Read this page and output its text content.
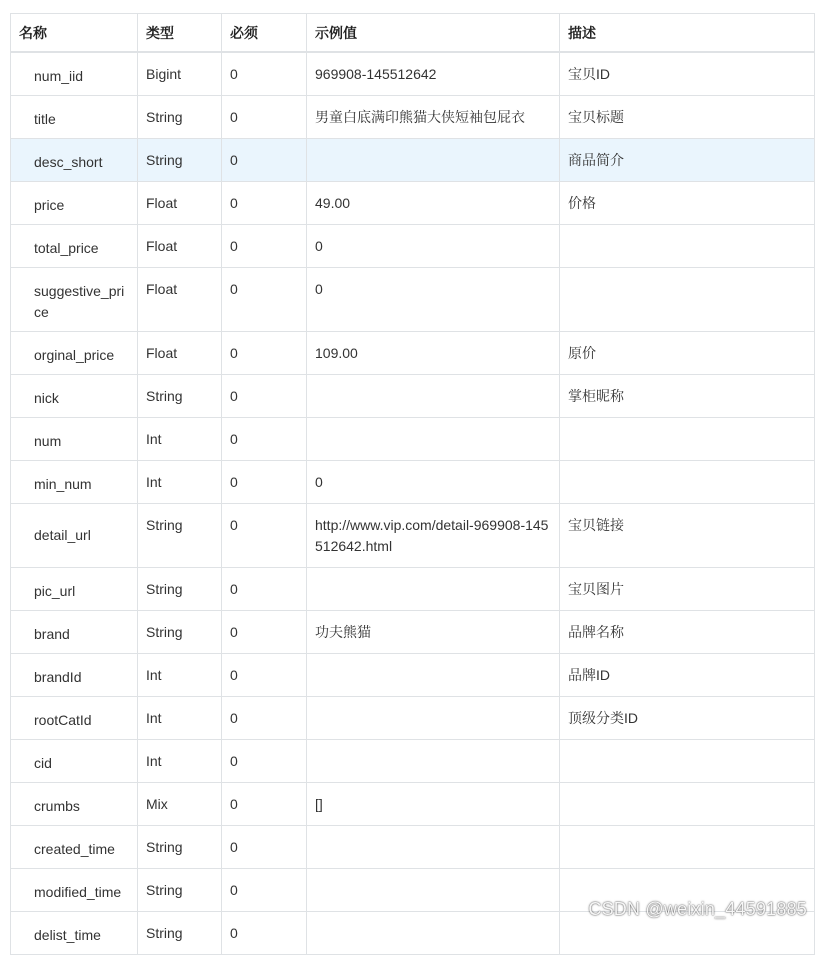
名称	类型	必须	示例值	描述
num_iid	Bigint	0	969908-145512642	宝贝ID
title	String	0	男童白底满印熊猫大侠短袖包屁衣	宝贝标题
desc_short	String	0		商品简介
price	Float	0	49.00	价格
total_price	Float	0	0	
suggestive_price	Float	0	0	
orginal_price	Float	0	109.00	原价
nick	String	0		掌柜昵称
num	Int	0		
min_num	Int	0	0	
detail_url	String	0	http://www.vip.com/detail-969908-145512642.html	宝贝链接
pic_url	String	0		宝贝图片
brand	String	0	功夫熊猫	品牌名称
brandId	Int	0		品牌ID
rootCatId	Int	0		顶级分类ID
cid	Int	0		
crumbs	Mix	0	[]	
created_time	String	0		
modified_time	String	0		
delist_time	String	0		
CSDN @weixin_44591885
